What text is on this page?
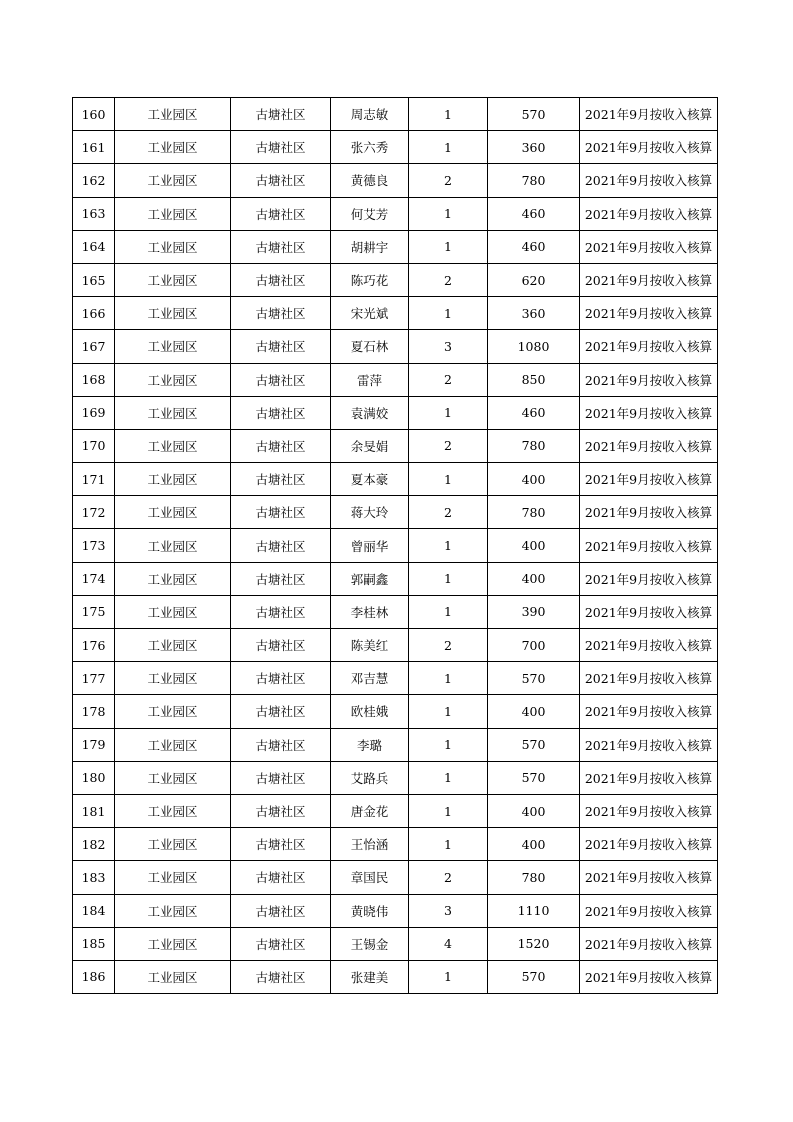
160	工业园区	古塘社区	周志敏	1	570	2021年9月按收入核算
161	工业园区	古塘社区	张六秀	1	360	2021年9月按收入核算
162	工业园区	古塘社区	黄德良	2	780	2021年9月按收入核算
163	工业园区	古塘社区	何艾芳	1	460	2021年9月按收入核算
164	工业园区	古塘社区	胡耕宇	1	460	2021年9月按收入核算
165	工业园区	古塘社区	陈巧花	2	620	2021年9月按收入核算
166	工业园区	古塘社区	宋光斌	1	360	2021年9月按收入核算
167	工业园区	古塘社区	夏石林	3	1080	2021年9月按收入核算
168	工业园区	古塘社区	雷萍	2	850	2021年9月按收入核算
169	工业园区	古塘社区	袁满姣	1	460	2021年9月按收入核算
170	工业园区	古塘社区	余旻娟	2	780	2021年9月按收入核算
171	工业园区	古塘社区	夏本豪	1	400	2021年9月按收入核算
172	工业园区	古塘社区	蒋大玲	2	780	2021年9月按收入核算
173	工业园区	古塘社区	曾丽华	1	400	2021年9月按收入核算
174	工业园区	古塘社区	郭嗣鑫	1	400	2021年9月按收入核算
175	工业园区	古塘社区	李桂林	1	390	2021年9月按收入核算
176	工业园区	古塘社区	陈美红	2	700	2021年9月按收入核算
177	工业园区	古塘社区	邓吉慧	1	570	2021年9月按收入核算
178	工业园区	古塘社区	欧桂娥	1	400	2021年9月按收入核算
179	工业园区	古塘社区	李璐	1	570	2021年9月按收入核算
180	工业园区	古塘社区	艾路兵	1	570	2021年9月按收入核算
181	工业园区	古塘社区	唐金花	1	400	2021年9月按收入核算
182	工业园区	古塘社区	王怡涵	1	400	2021年9月按收入核算
183	工业园区	古塘社区	章国民	2	780	2021年9月按收入核算
184	工业园区	古塘社区	黄晓伟	3	1110	2021年9月按收入核算
185	工业园区	古塘社区	王锡金	4	1520	2021年9月按收入核算
186	工业园区	古塘社区	张建美	1	570	2021年9月按收入核算
